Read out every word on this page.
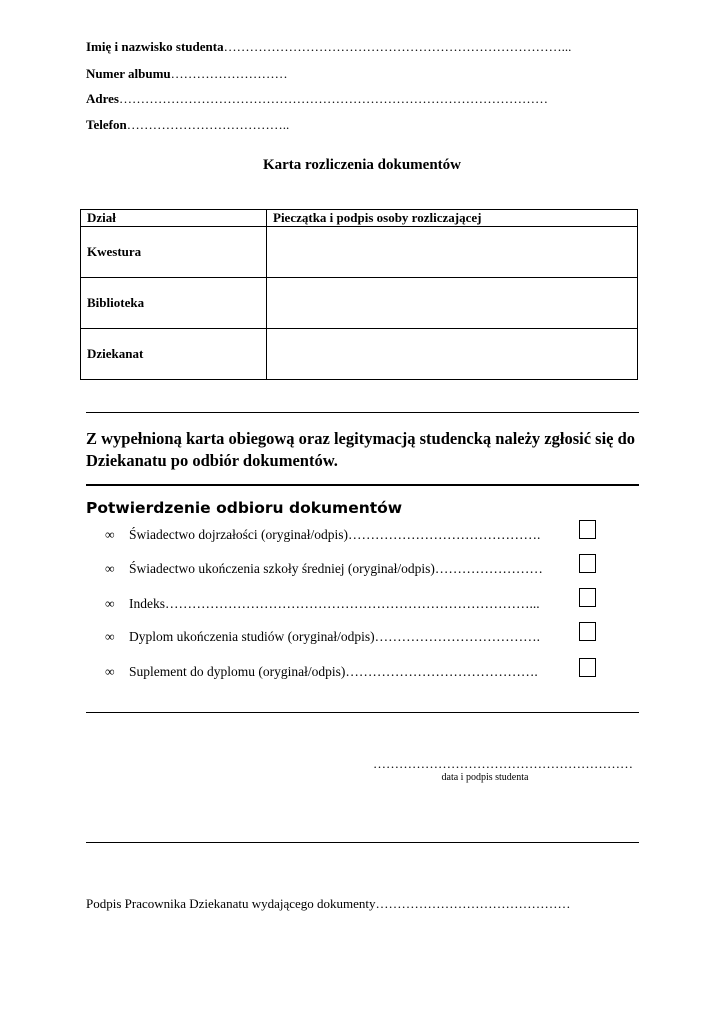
Imię i nazwisko studenta……………………………………………………………………...
Numer albumu………………………
Adres………………………………………………………………………………………
Telefon………………………………..
Karta rozliczenia dokumentów
Dział	Pieczątka i podpis osoby rozliczającej
Kwestura	
Biblioteka	
Dziekanat	
Z wypełnioną karta obiegową oraz legitymacją studencką należy zgłosić się do Dziekanatu po odbiór dokumentów.
Potwierdzenie odbioru dokumentów
∞ Świadectwo dojrzałości (oryginał/odpis)…………………………………….
∞ Świadectwo ukończenia szkoły średniej (oryginał/odpis)……………………
∞ Indeks………………………………………………………………………...
∞ Dyplom ukończenia studiów (oryginał/odpis)……………………………….
∞ Suplement do dyplomu (oryginał/odpis)…………………………………….
……………………………………………………
data i podpis studenta
Podpis Pracownika Dziekanatu wydającego dokumenty………………………………………
